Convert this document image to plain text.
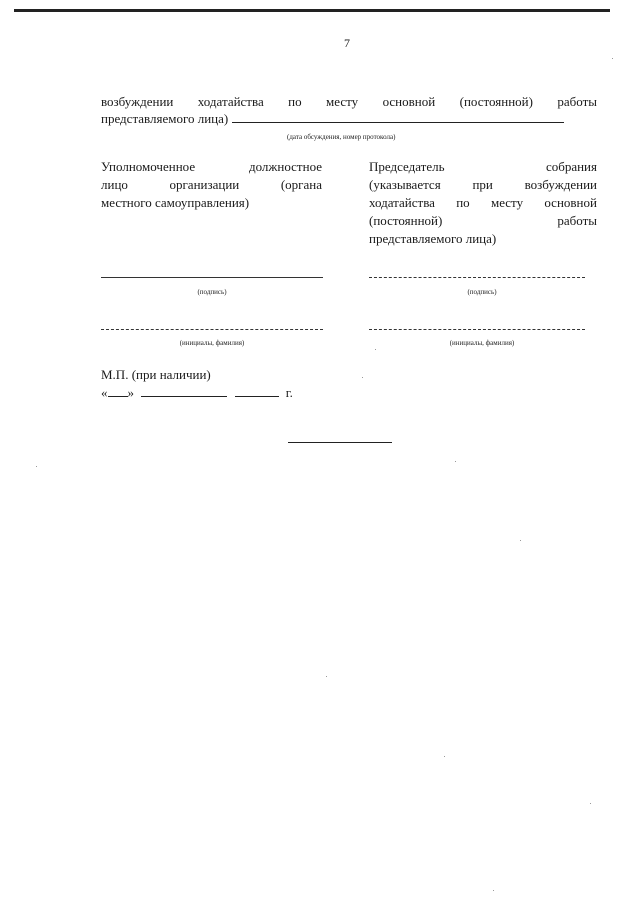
7
возбуждении ходатайства по месту основной (постоянной) работы
представляемого лица)
(дата обсуждения, номер протокола)
Уполномоченное	должностное
лицо	организации	(органа
местного самоуправления)
Председатель	собрания
(указывается при возбуждении
ходатайства по месту основной
(постоянной)	работы
представляемого лица)
(подпись)	(подпись)
(инициалы, фамилия)	(инициалы, фамилия)
М.П. (при наличии)
« »	г.
